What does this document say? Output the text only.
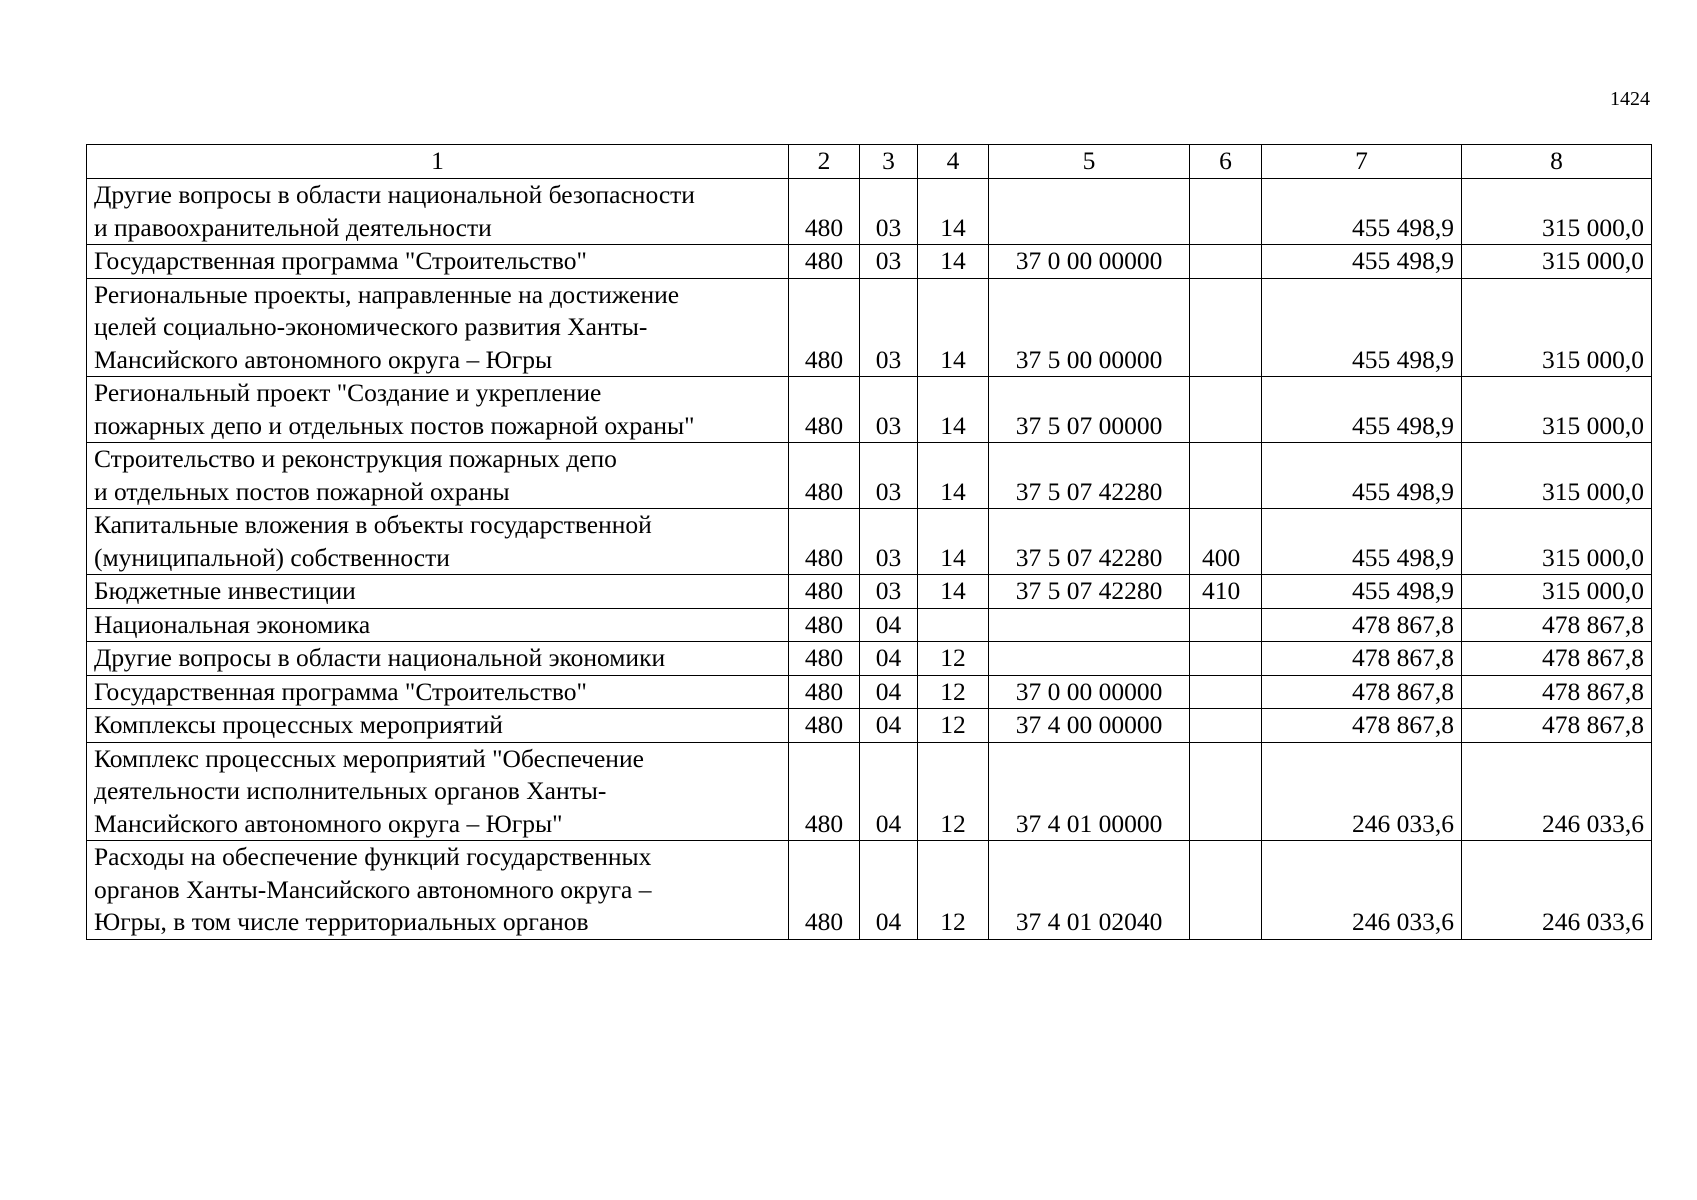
1424
1	2	3	4	5	6	7	8
Другие вопросы в области национальной безопасности
и правоохранительной деятельности	480	03	14			455 498,9	315 000,0
Государственная программа "Строительство"	480	03	14	37 0 00 00000		455 498,9	315 000,0
Региональные проекты, направленные на достижение
целей социально-экономического развития Ханты-
Мансийского автономного округа – Югры	480	03	14	37 5 00 00000		455 498,9	315 000,0
Региональный проект "Создание и укрепление
пожарных депо и отдельных постов пожарной охраны"	480	03	14	37 5 07 00000		455 498,9	315 000,0
Строительство и реконструкция пожарных депо
и отдельных постов пожарной охраны	480	03	14	37 5 07 42280		455 498,9	315 000,0
Капитальные вложения в объекты государственной
(муниципальной) собственности	480	03	14	37 5 07 42280	400	455 498,9	315 000,0
Бюджетные инвестиции	480	03	14	37 5 07 42280	410	455 498,9	315 000,0
Национальная экономика	480	04				478 867,8	478 867,8
Другие вопросы в области национальной экономики	480	04	12			478 867,8	478 867,8
Государственная программа "Строительство"	480	04	12	37 0 00 00000		478 867,8	478 867,8
Комплексы процессных мероприятий	480	04	12	37 4 00 00000		478 867,8	478 867,8
Комплекс процессных мероприятий "Обеспечение
деятельности исполнительных органов Ханты-
Мансийского автономного округа – Югры"	480	04	12	37 4 01 00000		246 033,6	246 033,6
Расходы на обеспечение функций государственных
органов Ханты-Мансийского автономного округа –
Югры, в том числе территориальных органов	480	04	12	37 4 01 02040		246 033,6	246 033,6
